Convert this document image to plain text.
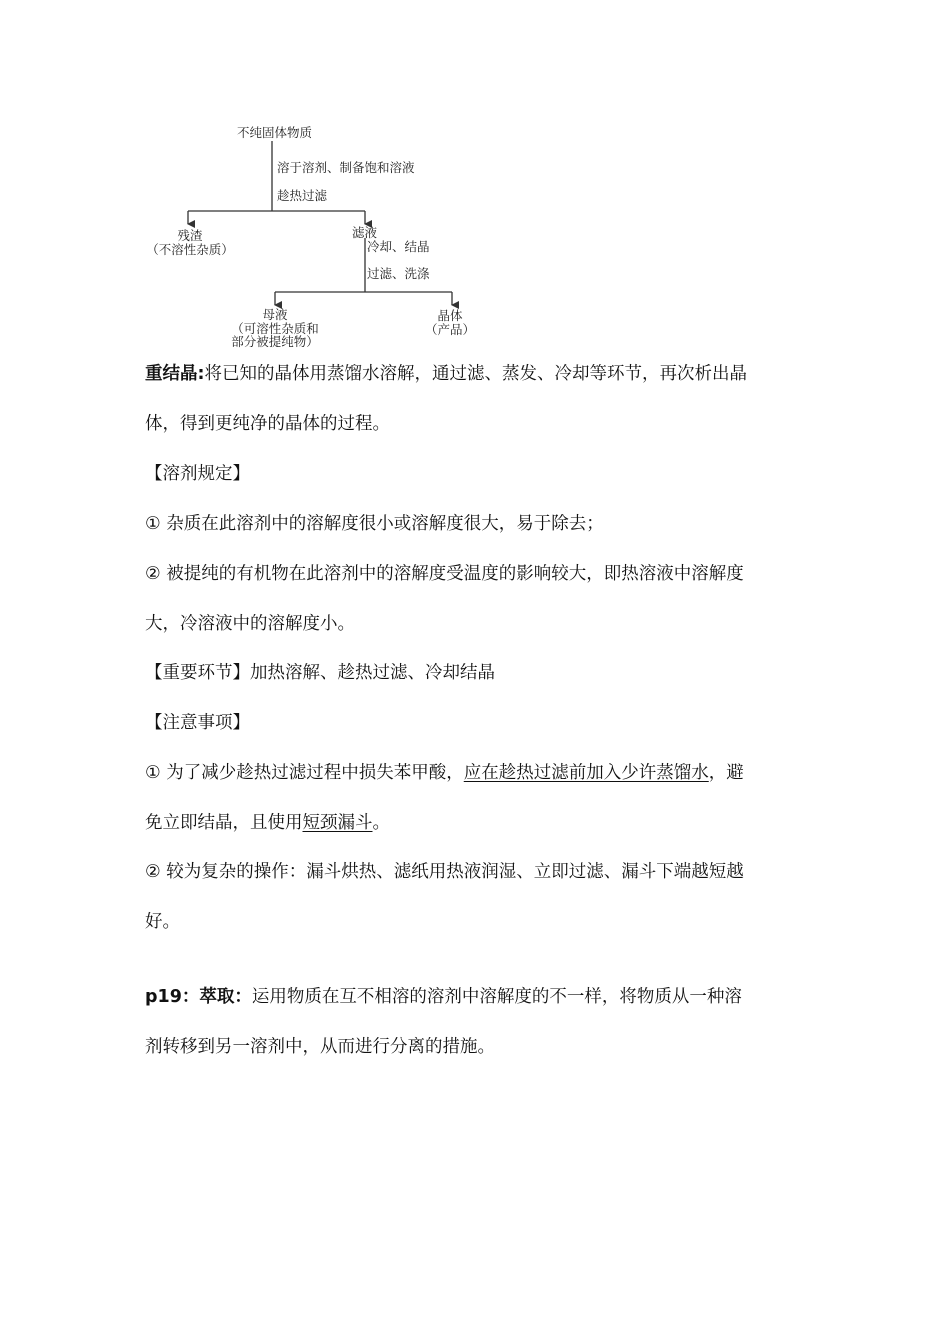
不纯固体物质
溶于溶剂、制备饱和溶液
趁热过滤
残渣
（不溶性杂质）
滤液
冷却、结晶
过滤、洗涤
母液
（可溶性杂质和
部分被提纯物）
晶体
（产品）
重结晶:将已知的晶体用蒸馏水溶解，通过滤、蒸发、冷却等环节，再次析出晶
体，得到更纯净的晶体的过程。
【溶剂规定】
① 杂质在此溶剂中的溶解度很小或溶解度很大，易于除去；
② 被提纯的有机物在此溶剂中的溶解度受温度的影响较大，即热溶液中溶解度
大，冷溶液中的溶解度小。
【重要环节】加热溶解、趁热过滤、冷却结晶
【注意事项】
① 为了减少趁热过滤过程中损失苯甲酸，应在趁热过滤前加入少许蒸馏水，避
免立即结晶，且使用短颈漏斗。
② 较为复杂的操作：漏斗烘热、滤纸用热液润湿、立即过滤、漏斗下端越短越
好。
p19：萃取：运用物质在互不相溶的溶剂中溶解度的不一样，将物质从一种溶
剂转移到另一溶剂中，从而进行分离的措施。
